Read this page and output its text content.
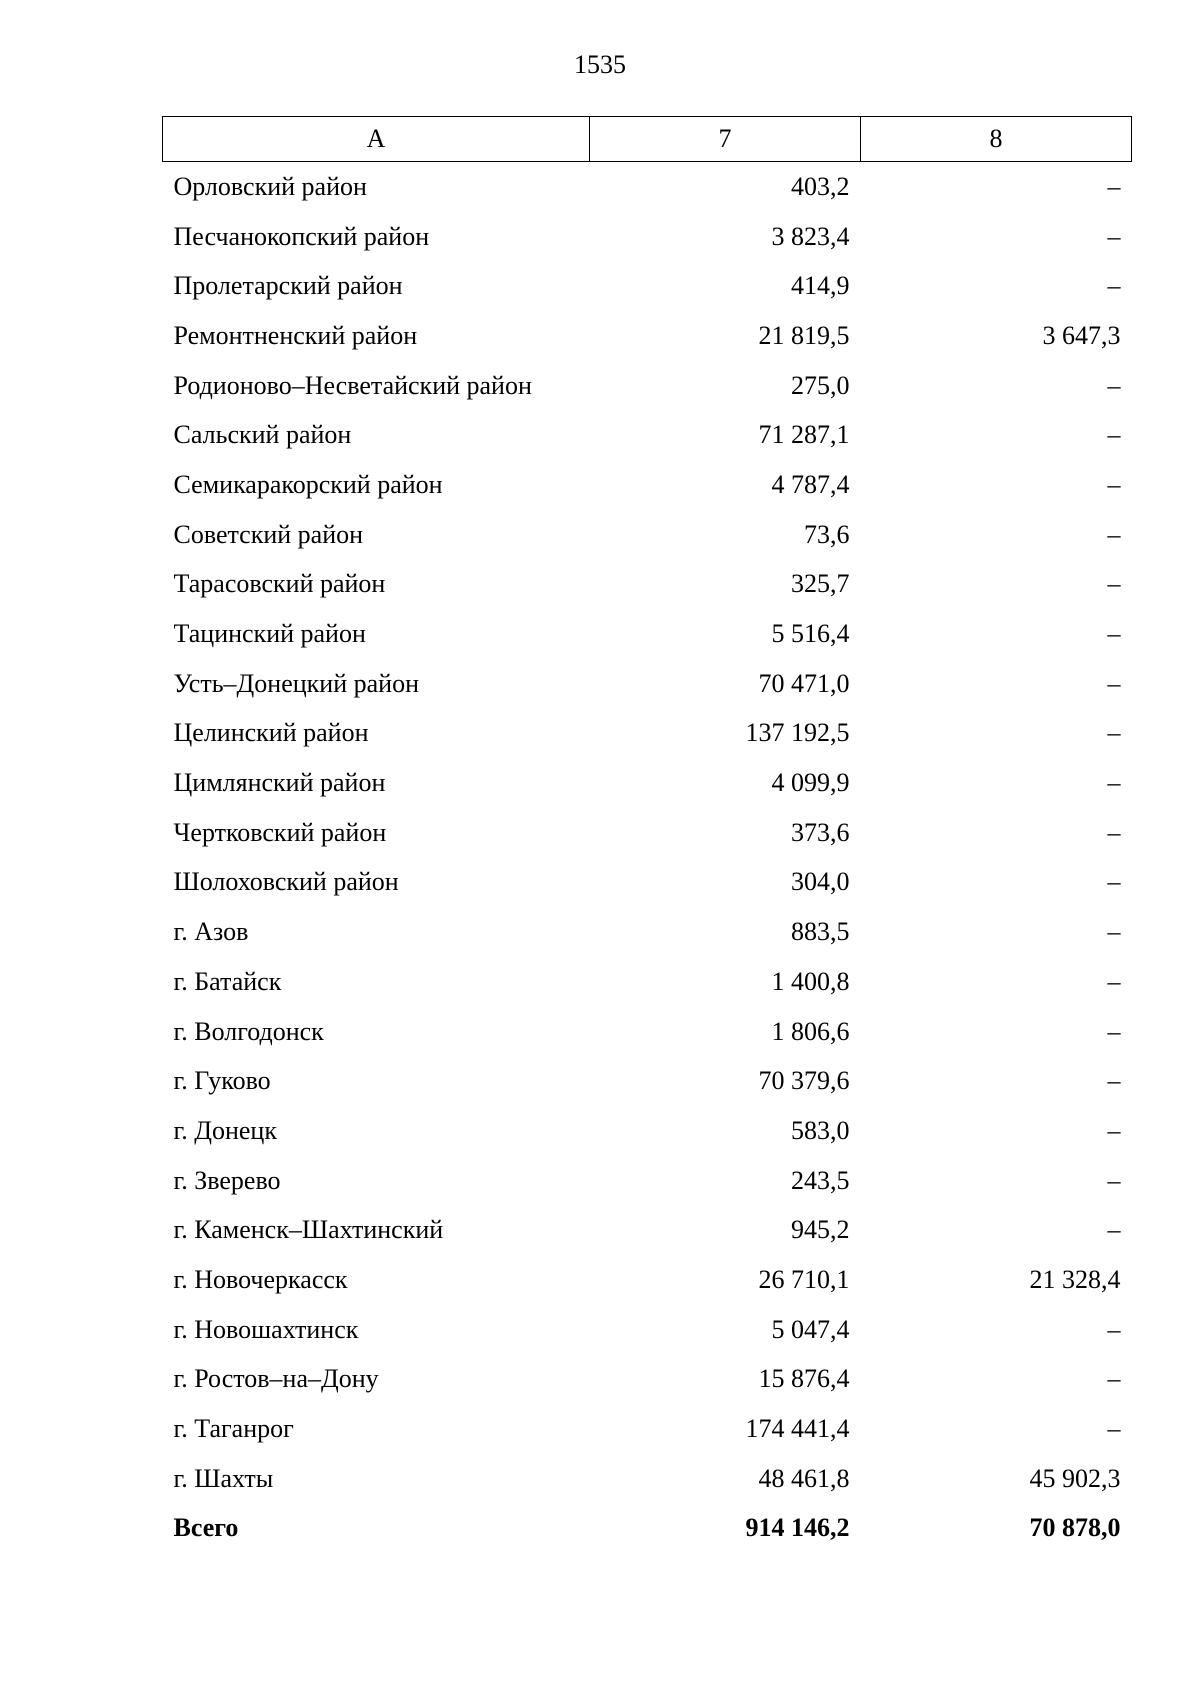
1535
А	7	8
Орловский район	403,2	–
Песчанокопский район	3 823,4	–
Пролетарский район	414,9	–
Ремонтненский район	21 819,5	3 647,3
Родионово–Несветайский район	275,0	–
Сальский район	71 287,1	–
Семикаракорский район	4 787,4	–
Советский район	73,6	–
Тарасовский район	325,7	–
Тацинский район	5 516,4	–
Усть–Донецкий район	70 471,0	–
Целинский район	137 192,5	–
Цимлянский район	4 099,9	–
Чертковский район	373,6	–
Шолоховский район	304,0	–
г. Азов	883,5	–
г. Батайск	1 400,8	–
г. Волгодонск	1 806,6	–
г. Гуково	70 379,6	–
г. Донецк	583,0	–
г. Зверево	243,5	–
г. Каменск–Шахтинский	945,2	–
г. Новочеркасск	26 710,1	21 328,4
г. Новошахтинск	5 047,4	–
г. Ростов–на–Дону	15 876,4	–
г. Таганрог	174 441,4	–
г. Шахты	48 461,8	45 902,3
Всего	914 146,2	70 878,0
